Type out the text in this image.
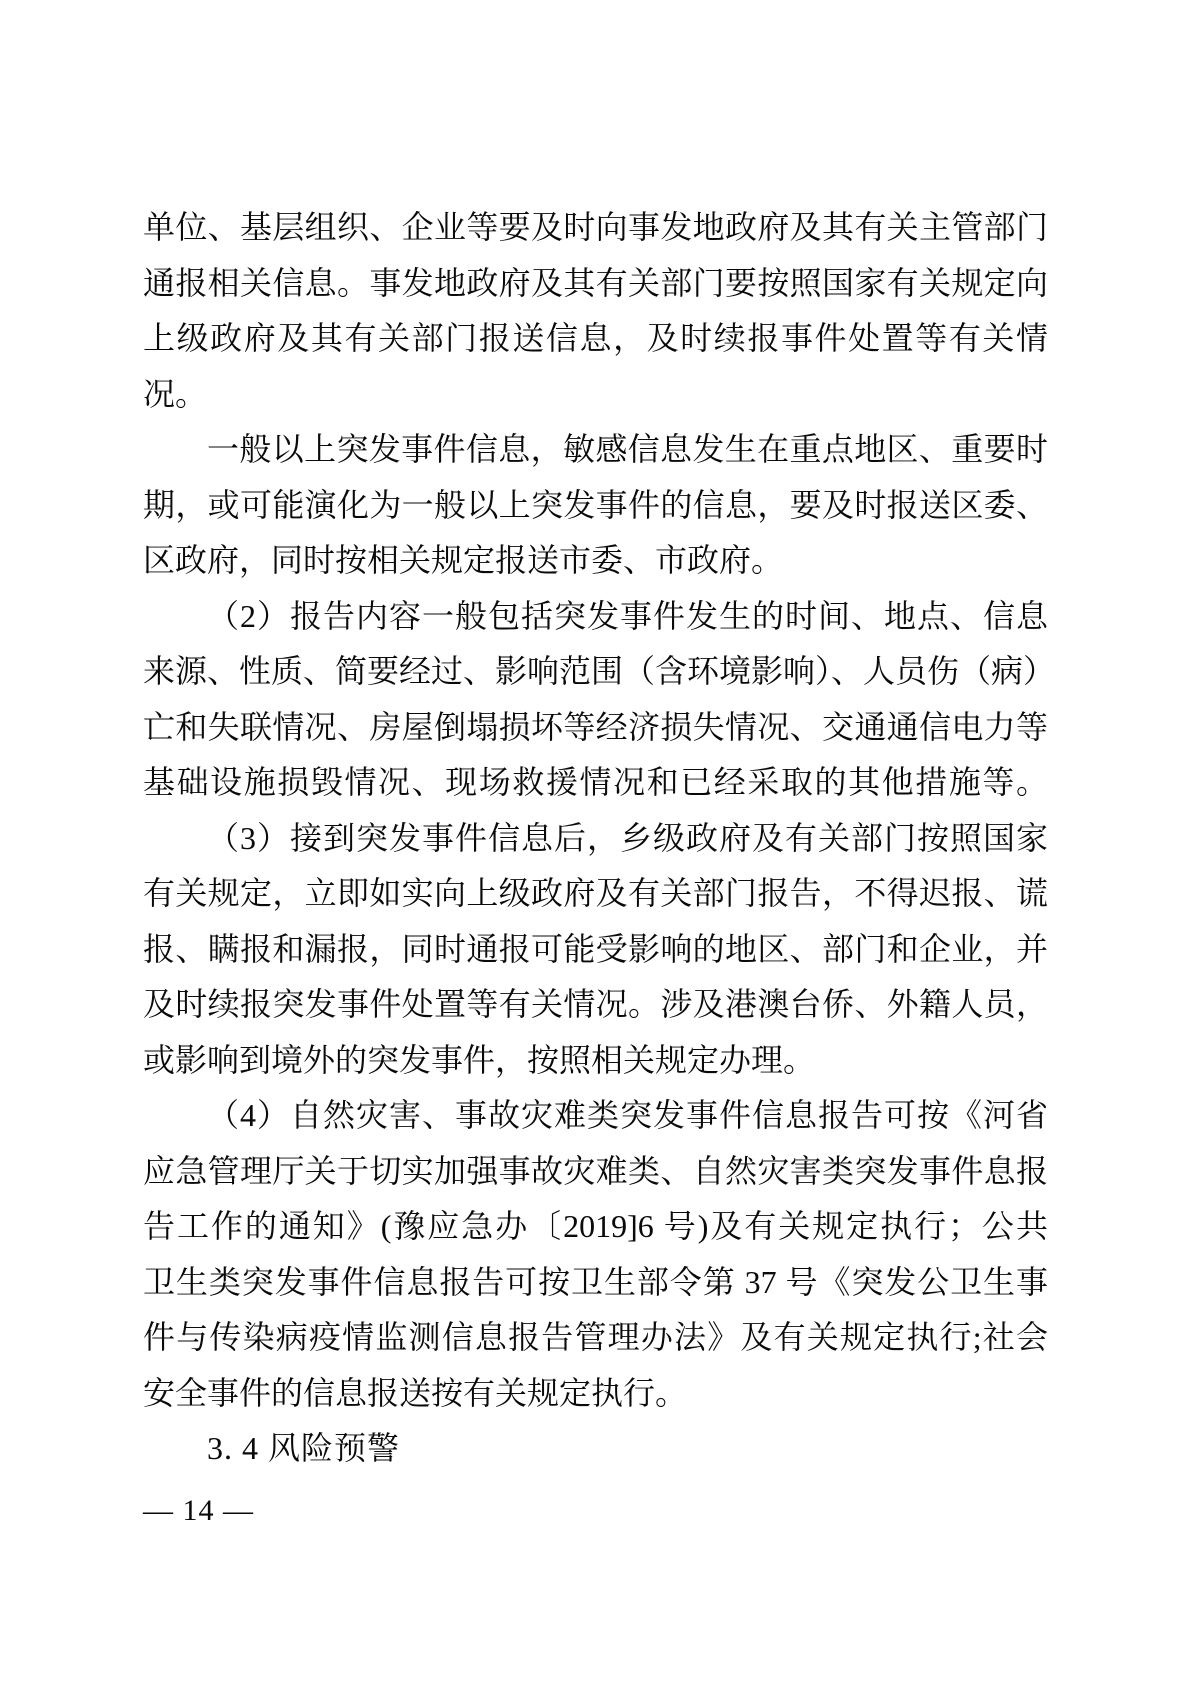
单位、基层组织、企业等要及时向事发地政府及其有关主管部门
通报相关信息。事发地政府及其有关部门要按照国家有关规定向
上级政府及其有关部门报送信息，及时续报事件处置等有关情
况。
一般以上突发事件信息，敏感信息发生在重点地区、重要时
期，或可能演化为一般以上突发事件的信息，要及时报送区委、
区政府，同时按相关规定报送市委、市政府。
（2）报告内容一般包括突发事件发生的时间、地点、信息
来源、性质、简要经过、影响范围（含环境影响）、人员伤（病）
亡和失联情况、房屋倒塌损坏等经济损失情况、交通通信电力等
基础设施损毁情况、现场救援情况和已经采取的其他措施等。
（3）接到突发事件信息后，乡级政府及有关部门按照国家
有关规定，立即如实向上级政府及有关部门报告，不得迟报、谎
报、瞒报和漏报，同时通报可能受影响的地区、部门和企业，并
及时续报突发事件处置等有关情况。涉及港澳台侨、外籍人员，
或影响到境外的突发事件，按照相关规定办理。
（4）自然灾害、事故灾难类突发事件信息报告可按《河省
应急管理厅关于切实加强事故灾难类、自然灾害类突发事件息报
告工作的通知》(豫应急办〔2019]6 号)及有关规定执行；公共
卫生类突发事件信息报告可按卫生部令第 37 号《突发公卫生事
件与传染病疫情监测信息报告管理办法》及有关规定执行;社会
安全事件的信息报送按有关规定执行。
3. 4 风险预警
— 14 —
